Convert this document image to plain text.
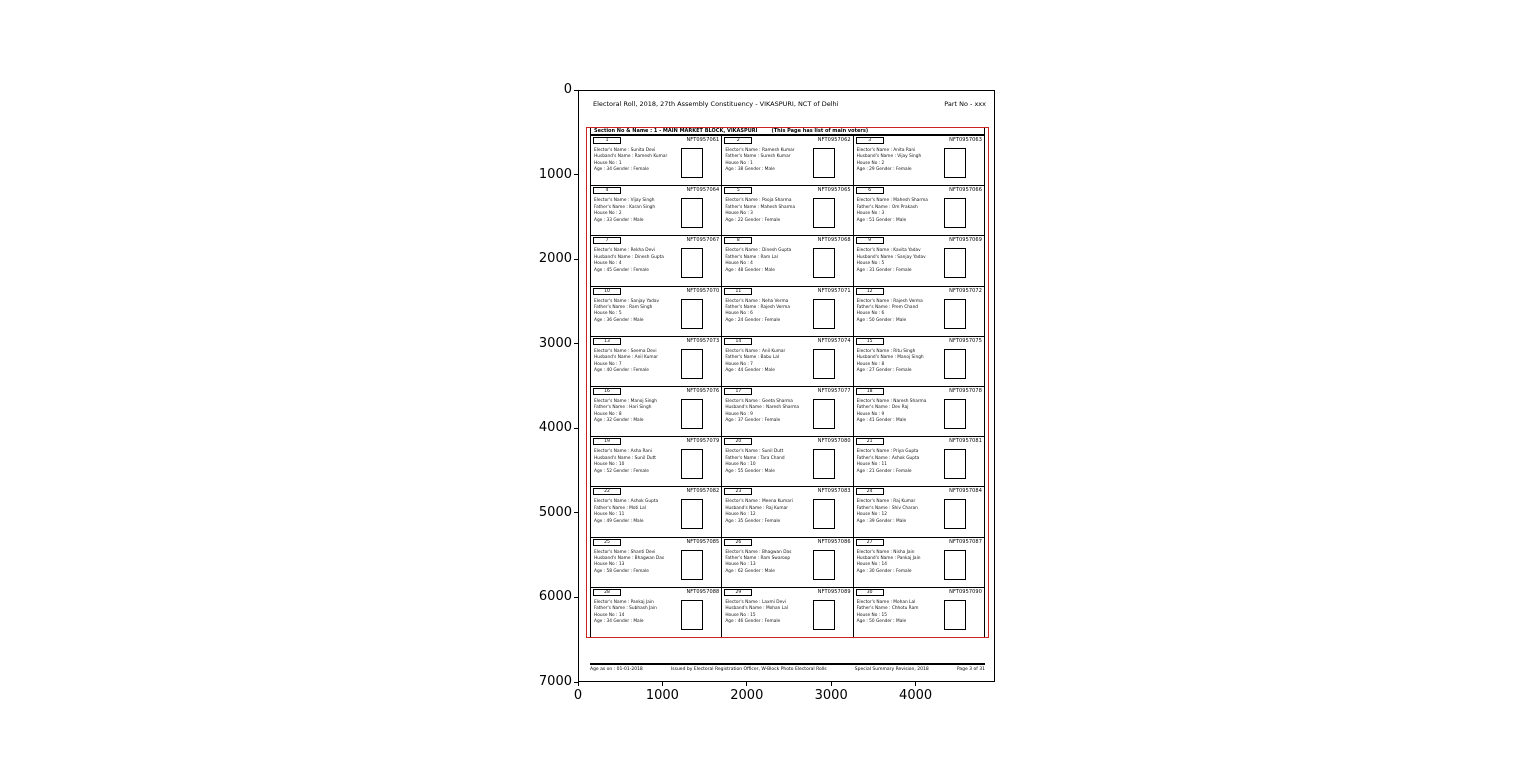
Electoral Roll, 2018, 27th Assembly Constituency - VIKASPURI, NCT of Delhi	Part No - xxx
Section No & Name : 1 - MAIN MARKET BLOCK, VIKASPURI	(This Page has list of main voters)
1	NFT0957061
Elector's Name : Sunita Devi
Husband's Name : Ramesh Kumar
House No : 1
Age : 34 Gender : Female
2	NFT0957062
Elector's Name : Ramesh Kumar
Father's Name : Suresh Kumar
House No : 1
Age : 38 Gender : Male
3	NFT0957063
Elector's Name : Anita Rani
Husband's Name : Vijay Singh
House No : 2
Age : 29 Gender : Female
4	NFT0957064
Elector's Name : Vijay Singh
Father's Name : Karan Singh
House No : 2
Age : 33 Gender : Male
5	NFT0957065
Elector's Name : Pooja Sharma
Father's Name : Mahesh Sharma
House No : 3
Age : 22 Gender : Female
6	NFT0957066
Elector's Name : Mahesh Sharma
Father's Name : Om Prakash
House No : 3
Age : 51 Gender : Male
7	NFT0957067
Elector's Name : Rekha Devi
Husband's Name : Dinesh Gupta
House No : 4
Age : 45 Gender : Female
8	NFT0957068
Elector's Name : Dinesh Gupta
Father's Name : Ram Lal
House No : 4
Age : 48 Gender : Male
9	NFT0957069
Elector's Name : Kavita Yadav
Husband's Name : Sanjay Yadav
House No : 5
Age : 31 Gender : Female
10	NFT0957070
Elector's Name : Sanjay Yadav
Father's Name : Ram Singh
House No : 5
Age : 36 Gender : Male
11	NFT0957071
Elector's Name : Neha Verma
Father's Name : Rajesh Verma
House No : 6
Age : 24 Gender : Female
12	NFT0957072
Elector's Name : Rajesh Verma
Father's Name : Prem Chand
House No : 6
Age : 50 Gender : Male
13	NFT0957073
Elector's Name : Seema Devi
Husband's Name : Anil Kumar
House No : 7
Age : 40 Gender : Female
14	NFT0957074
Elector's Name : Anil Kumar
Father's Name : Babu Lal
House No : 7
Age : 44 Gender : Male
15	NFT0957075
Elector's Name : Ritu Singh
Husband's Name : Manoj Singh
House No : 8
Age : 27 Gender : Female
16	NFT0957076
Elector's Name : Manoj Singh
Father's Name : Hari Singh
House No : 8
Age : 32 Gender : Male
17	NFT0957077
Elector's Name : Geeta Sharma
Husband's Name : Naresh Sharma
House No : 9
Age : 37 Gender : Female
18	NFT0957078
Elector's Name : Naresh Sharma
Father's Name : Dev Raj
House No : 9
Age : 41 Gender : Male
19	NFT0957079
Elector's Name : Asha Rani
Husband's Name : Sunil Dutt
House No : 10
Age : 52 Gender : Female
20	NFT0957080
Elector's Name : Sunil Dutt
Father's Name : Tara Chand
House No : 10
Age : 55 Gender : Male
21	NFT0957081
Elector's Name : Priya Gupta
Father's Name : Ashok Gupta
House No : 11
Age : 21 Gender : Female
22	NFT0957082
Elector's Name : Ashok Gupta
Father's Name : Moti Lal
House No : 11
Age : 49 Gender : Male
23	NFT0957083
Elector's Name : Meena Kumari
Husband's Name : Raj Kumar
House No : 12
Age : 35 Gender : Female
24	NFT0957084
Elector's Name : Raj Kumar
Father's Name : Shiv Charan
House No : 12
Age : 39 Gender : Male
25	NFT0957085
Elector's Name : Shanti Devi
Husband's Name : Bhagwan Das
House No : 13
Age : 58 Gender : Female
26	NFT0957086
Elector's Name : Bhagwan Das
Father's Name : Ram Swaroop
House No : 13
Age : 62 Gender : Male
27	NFT0957087
Elector's Name : Nisha Jain
Husband's Name : Pankaj Jain
House No : 14
Age : 30 Gender : Female
28	NFT0957088
Elector's Name : Pankaj Jain
Father's Name : Subhash Jain
House No : 14
Age : 34 Gender : Male
29	NFT0957089
Elector's Name : Laxmi Devi
Husband's Name : Mohan Lal
House No : 15
Age : 46 Gender : Female
30	NFT0957090
Elector's Name : Mohan Lal
Father's Name : Chhotu Ram
House No : 15
Age : 50 Gender : Male
Age as on : 01-01-2018	Issued by Electoral Registration Officer, W-Block Photo Electoral Rolls	Special Summary Revision, 2018	Page 3 of 31
0
1000
2000
3000
4000
5000
6000
7000
0	1000	2000	3000	4000
